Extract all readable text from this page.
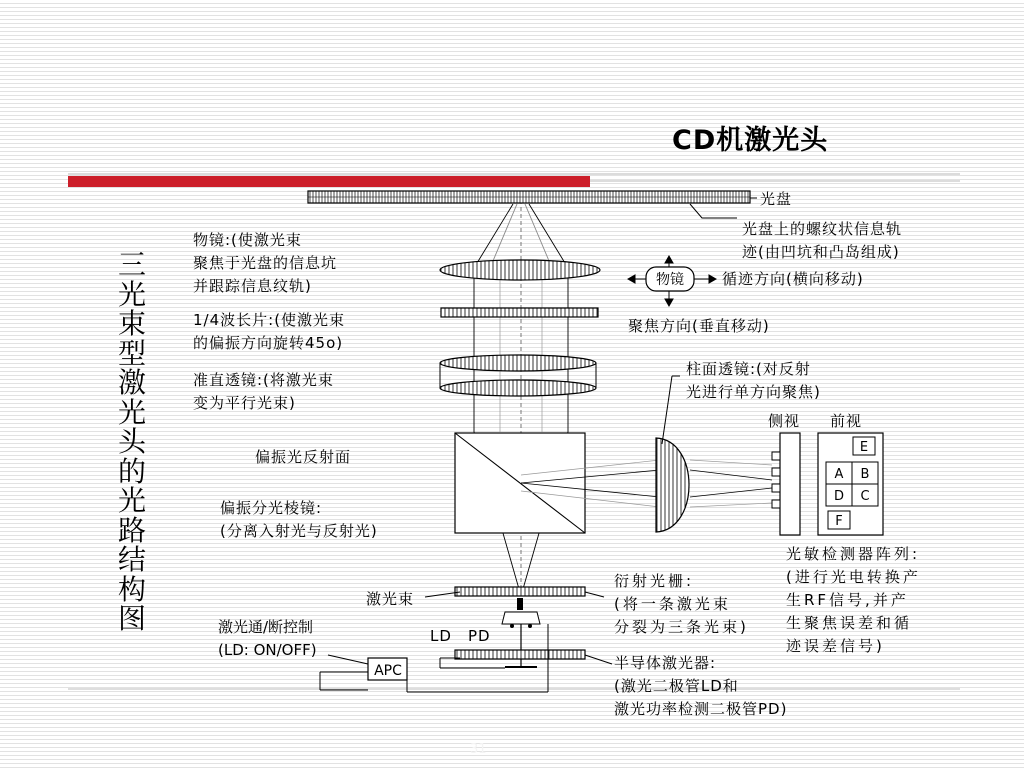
CD机激光头
三光束型激光头的光路结构图
E
A B
D C
F
APC
物镜
光盘
光盘上的螺纹状信息轨
迹(由凹坑和凸岛组成)
物镜:(使激光束
聚焦于光盘的信息坑
并跟踪信息纹轨)	循迹方向(横向移动)
聚焦方向(垂直移动)
1/4波长片:(使激光束
的偏振方向旋转45o)
柱面透镜:(对反射
光进行单方向聚焦)
准直透镜:(将激光束
变为平行光束)
侧视 前视
偏振光反射面
偏振分光棱镜:
(分离入射光与反射光)
光敏检测器阵列:
(进行光电转换产
生RF信号,并产
生聚焦误差和循
迹误差信号)
激光束
衍射光栅:
(将一条激光束
分裂为三条光束)
激光通/断控制
(LD: ON/OFF)
LD PD
半导体激光器:
(激光二极管LD和
激光功率检测二极管PD)
31
